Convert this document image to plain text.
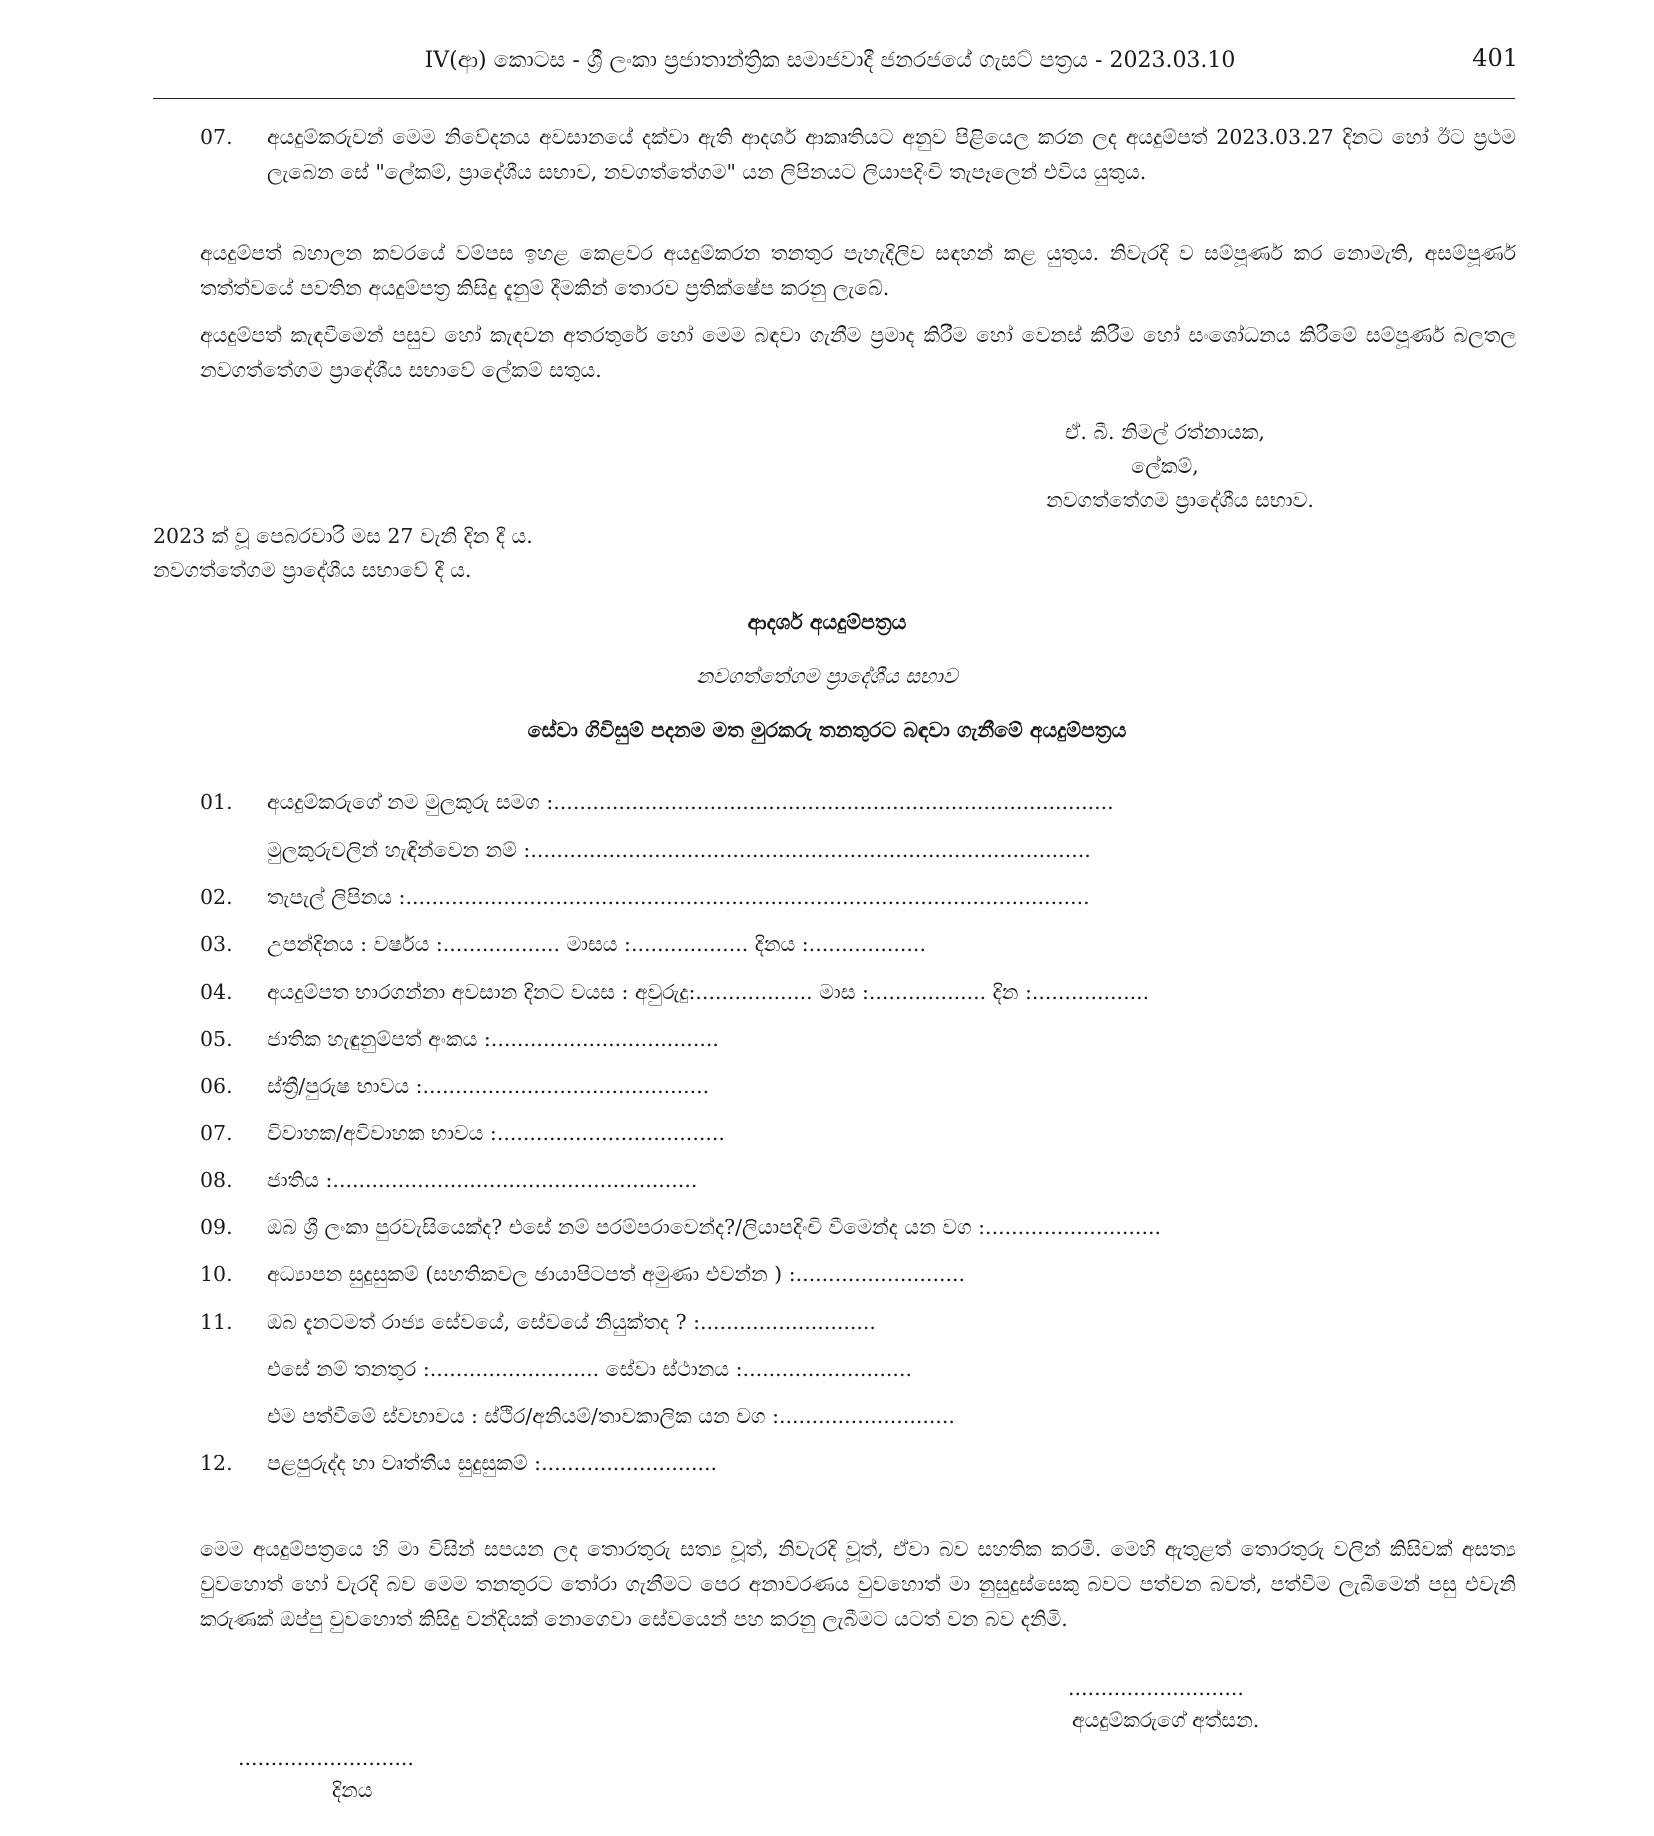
IV(ආ) කොටස - ශ්‍රී ලංකා ප්‍රජාතාන්ත්‍රික සමාජවාදී ජනරජයේ ගැසට් පත්‍රය - 2023.03.10	401
07. අයදුම්කරුවන් මෙම නිවේදනය අවසානයේ දක්වා ඇති ආදර්ශ ආකෘතියට අනුව පිළියෙල කරන ලද අයදුම්පත් 2023.03.27 දිනට හෝ ඊට ප්‍රථම ලැබෙන සේ "ලේකම්, ප්‍රාදේශීය සභාව, නවගත්තේගම" යන ලිපිනයට ලියාපදිංචි තැපෑලෙන් එවිය යුතුය.
අයදුම්පත් බහාලන කවරයේ වම්පස ඉහළ කෙළවර අයදුම්කරන තනතුර පැහැදිලිව සඳහන් කළ යුතුය. නිවැරදි ව සම්පූර්ණ කර නොමැති, අසම්පූර්ණ තත්ත්වයේ පවතින අයදුම්පත්‍ර කිසිදු දැනුම් දීමකින් තොරව ප්‍රතික්ෂේප කරනු ලැබේ.
අයදුම්පත් කැඳවීමෙන් පසුව හෝ කැඳවන අතරතුරේ හෝ මෙම බඳවා ගැනීම ප්‍රමාද කිරීම හෝ වෙනස් කිරීම හෝ සංශෝධනය කිරීමේ සම්පූර්ණ බලතල නවගත්තේගම ප්‍රාදේශීය සභාවේ ලේකම් සතුය.
ඒ. බී. නිමල් රත්නායක,
ලේකම්,
නවගත්තේගම ප්‍රාදේශීය සභාව.
2023 ක් වූ පෙබරවාරි මස 27 වැනි දින දී ය.
නවගත්තේගම ප්‍රාදේශීය සභාවේ දී ය.
ආදර්ශ අයදුම්පත්‍රය
නවගත්තේගම ප්‍රාදේශීය සභාව
සේවා ගිවිසුම් පදනම මත මුරකරු තනතුරට බඳවා ගැනීමේ අයදුම්පත්‍රය
01. අයදුම්කරුගේ නම මුලකුරු සමග :......................................................................................
මුලකුරුවලින් හැඳින්වෙන නම් :......................................................................................
02. තැපැල් ලිපිනය :.........................................................................................................
03. උපන්දිනය : වර්ෂය :.................. මාසය :.................. දිනය :..................
04. අයදුම්පත භාරගන්නා අවසාන දිනට වයස : අවුරුදු:.................. මාස :.................. දින :..................
05. ජාතික හැඳුනුම්පත් අංකය :...................................
06. ස්ත්‍රී/පුරුෂ භාවය :............................................
07. විවාහක/අවිවාහක භාවය :...................................
08. ජාතිය :........................................................
09. ඔබ ශ්‍රී ලංකා පුරවැසියෙක්ද? එසේ නම් පරම්පරාවෙන්ද?/ලියාපදිංචි වීමෙන්ද යන වග :...........................
10. අධ්‍යාපන සුදුසුකම් (සහතිකවල ඡායාපිටපත් අමුණා එවන්න ) :..........................
11. ඔබ දැනටමත් රාජ්‍ය සේවයේ, සේවයේ නියුක්තද ? :...........................
එසේ නම් තනතුර :.......................... සේවා ස්ථානය :..........................
එම පත්වීමේ ස්වභාවය : ස්ථිර/අනියම්/තාවකාලික යන වග :...........................
12. පළපුරුද්ද හා වෘත්තීය සුදුසුකම් :...........................
මෙම අයදුම්පත්‍රයෙ හි මා විසින් සපයන ලද තොරතුරු සත්‍ය වූත්, නිවැරදි වූත්, ඒවා බව සහතික කරමි. මෙහි ඇතුළත් තොරතුරු වලින් කිසිවක් අසත්‍ය වුවහොත් හෝ වැරදි බව මෙම තනතුරට තෝරා ගැනීමට පෙර අනාවරණය වුවහොත් මා නුසුදුස්සෙකු බවට පත්වන බවත්, පත්වීම ලැබීමෙන් පසු එවැනි කරුණක් ඔප්පු වුවහොත් කිසිදු වන්දියක් නොගෙවා සේවයෙන් පහ කරනු ලැබීමට යටත් වන බව දනිමි.
...........................
අයදුම්කරුගේ අත්සන.
...........................
දිනය
